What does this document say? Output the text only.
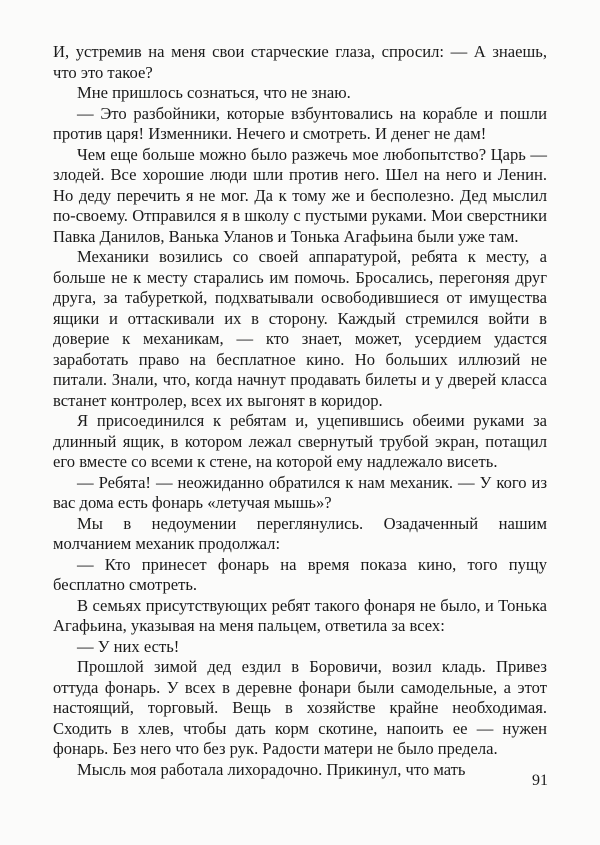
И, устремив на меня свои старческие глаза, спросил: — А знаешь, что это такое?

Мне пришлось сознаться, что не знаю.

— Это разбойники, которые взбунтовались на корабле и пошли против царя! Изменники. Нечего и смотреть. И денег не дам!

Чем еще больше можно было разжечь мое любопытство? Царь — злодей. Все хорошие люди шли против него. Шел на него и Ленин. Но деду перечить я не мог. Да к тому же и бесполезно. Дед мыслил по-своему. Отправился я в школу с пустыми руками. Мои сверстники Павка Данилов, Ванька Уланов и Тонька Агафьина были уже там.

Механики возились со своей аппаратурой, ребята к месту, а больше не к месту старались им помочь. Бросались, перегоняя друг друга, за табуреткой, подхватывали освободившиеся от имущества ящики и оттаскивали их в сторону. Каждый стремился войти в доверие к механикам, — кто знает, может, усердием удастся заработать право на бесплатное кино. Но больших иллюзий не питали. Знали, что, когда начнут продавать билеты и у дверей класса встанет контролер, всех их выгонят в коридор.

Я присоединился к ребятам и, уцепившись обеими руками за длинный ящик, в котором лежал свернутый трубой экран, потащил его вместе со всеми к стене, на которой ему надлежало висеть.

— Ребята! — неожиданно обратился к нам механик. — У кого из вас дома есть фонарь «летучая мышь»?

Мы в недоумении переглянулись. Озадаченный нашим молчанием механик продолжал:

— Кто принесет фонарь на время показа кино, того пущу бесплатно смотреть.

В семьях присутствующих ребят такого фонаря не было, и Тонька Агафьина, указывая на меня пальцем, ответила за всех:

— У них есть!

Прошлой зимой дед ездил в Боровичи, возил кладь. Привез оттуда фонарь. У всех в деревне фонари были самодельные, а этот настоящий, торговый. Вещь в хозяйстве крайне необходимая. Сходить в хлев, чтобы дать корм скотине, напоить ее — нужен фонарь. Без него что без рук. Радости матери не было предела.

Мысль моя работала лихорадочно. Прикинул, что мать

91
